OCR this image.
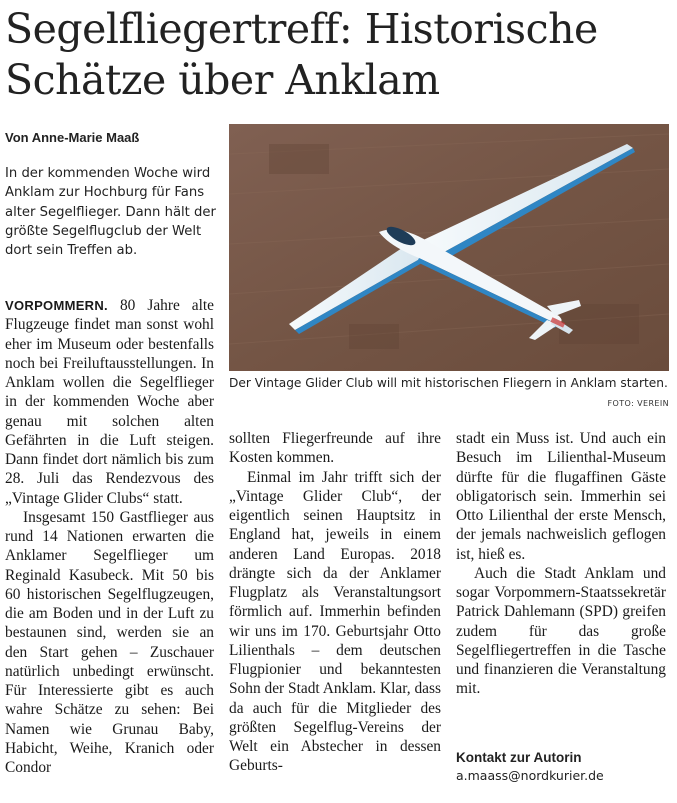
Segelfliegertreff: Historische Schätze über Anklam
Von Anne-Marie Maaß
In der kommenden Woche wird Anklam zur Hochburg für Fans alter Segelflieger. Dann hält der größte Segelflugclub der Welt dort sein Treffen ab.
Der Vintage Glider Club will mit historischen Fliegern in Anklam starten.
FOTO: VEREIN

VORPOMMERN. 80 Jahre alte Flugzeuge findet man sonst wohl eher im Museum oder bestenfalls noch bei Freiluftausstellungen. In Anklam wollen die Segelflieger in der kommenden Woche aber genau mit solchen alten Gefährten in die Luft steigen. Dann findet dort nämlich bis zum 28. Juli das Rendezvous des „Vintage Glider Clubs“ statt.

Insgesamt 150 Gastflieger aus rund 14 Nationen erwarten die Anklamer Segelflieger um Reginald Kasubeck. Mit 50 bis 60 historischen Segelflugzeugen, die am Boden und in der Luft zu bestaunen sind, werden sie an den Start gehen – Zuschauer natürlich unbedingt erwünscht. Für Interessierte gibt es auch wahre Schätze zu sehen: Bei Namen wie Grunau Baby, Habicht, Weihe, Kranich oder Condor

sollten Fliegerfreunde auf ihre Kosten kommen.

Einmal im Jahr trifft sich der „Vintage Glider Club“, der eigentlich seinen Hauptsitz in England hat, jeweils in einem anderen Land Europas. 2018 drängte sich da der Anklamer Flugplatz als Veranstaltungsort förmlich auf. Immerhin befinden wir uns im 170. Geburtsjahr Otto Lilienthals – dem deutschen Flugpionier und bekanntesten Sohn der Stadt Anklam. Klar, dass da auch für die Mitglieder des größten Segelflug-Vereins der Welt ein Abstecher in dessen Geburts-

stadt ein Muss ist. Und auch ein Besuch im Lilienthal-Museum dürfte für die flugaffinen Gäste obligatorisch sein. Immerhin sei Otto Lilienthal der erste Mensch, der jemals nachweislich geflogen ist, hieß es.

Auch die Stadt Anklam und sogar Vorpommern-Staatssekretär Patrick Dahlemann (SPD) greifen zudem für das große Segelfliegertreffen in die Tasche und finanzieren die Veranstaltung mit.

Kontakt zur Autorin
a.maass@nordkurier.de
